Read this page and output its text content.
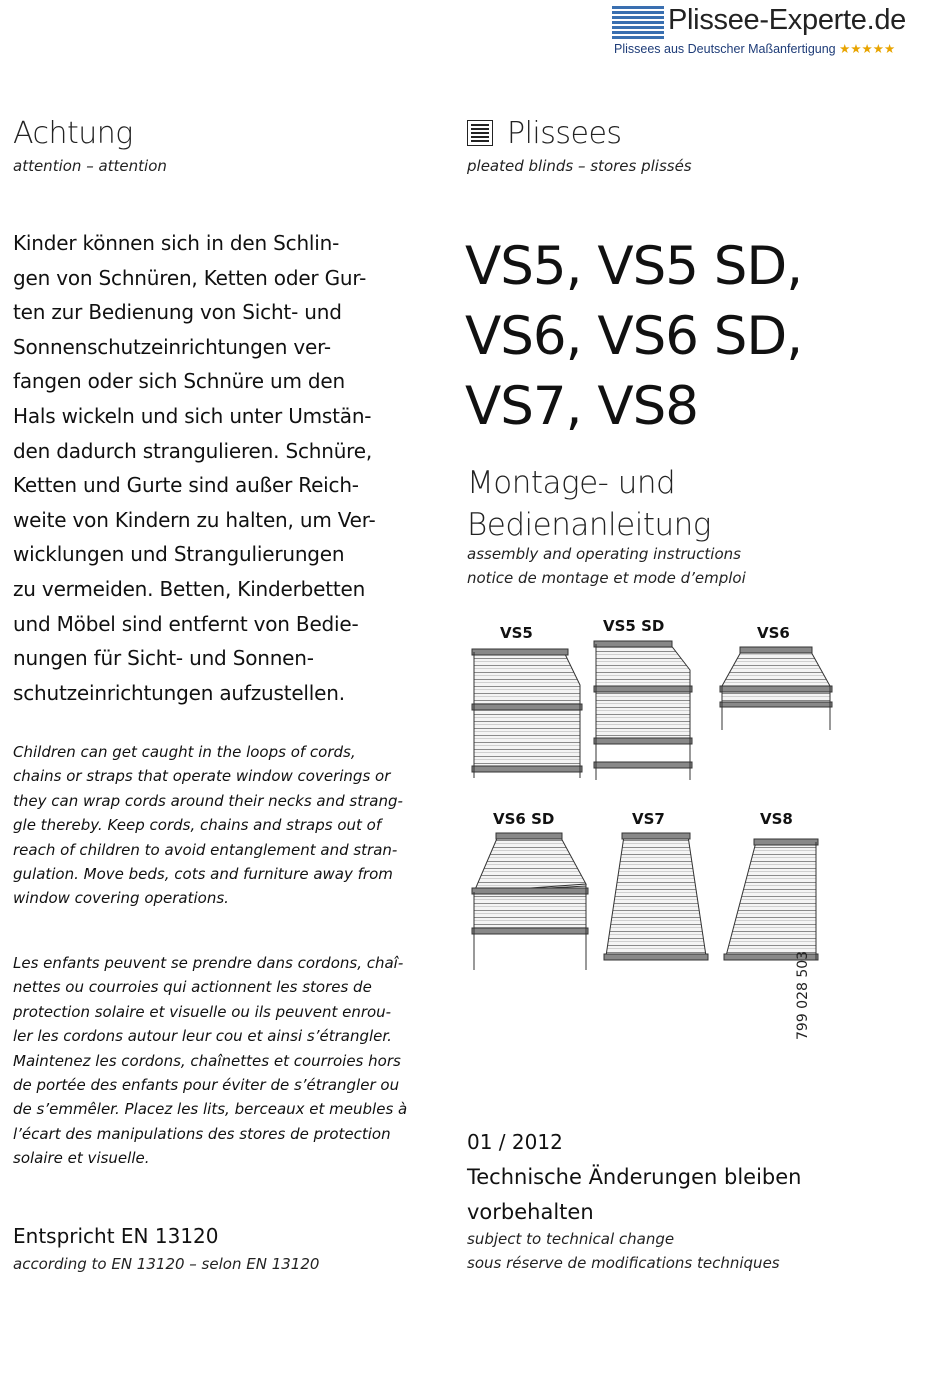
Plissee-Experte.de
Plissees aus Deutscher Maßanfertigung ★★★★★
Achtung
attention – attention
Kinder können sich in den Schlin-
gen von Schnüren, Ketten oder Gur-
ten zur Bedienung von Sicht- und
Sonnenschutzeinrichtungen ver-
fangen oder sich Schnüre um den
Hals wickeln und sich unter Umstän-
den dadurch strangulieren. Schnüre,
Ketten und Gurte sind außer Reich-
weite von Kindern zu halten, um Ver-
wicklungen und Strangulierungen
zu vermeiden. Betten, Kinderbetten
und Möbel sind entfernt von Bedie-
nungen für Sicht- und Sonnen-
schutzeinrichtungen aufzustellen.
Children can get caught in the loops of cords,
chains or straps that operate window coverings or
they can wrap cords around their necks and strang-
gle thereby. Keep cords, chains and straps out of
reach of children to avoid entanglement and stran-
gulation. Move beds, cots and furniture away from
window covering operations.
Les enfants peuvent se prendre dans cordons, chaî-
nettes ou courroies qui actionnent les stores de
protection solaire et visuelle ou ils peuvent enrou-
ler les cordons autour leur cou et ainsi s’étrangler.
Maintenez les cordons, chaînettes et courroies hors
de portée des enfants pour éviter de s’étrangler ou
de s’emmêler. Placez les lits, berceaux et meubles à
l’écart des manipulations des stores de protection
solaire et visuelle.
Entspricht EN 13120
according to EN 13120 – selon EN 13120
Plissees
pleated blinds – stores plissés
VS5, VS5 SD,
VS6, VS6 SD,
VS7, VS8
Montage- und
Bedienanleitung
assembly and operating instructions
notice de montage et mode d’emploi
VS5	VS5 SD	VS6
VS6 SD	VS7	VS8
799 028 503
01 / 2012
Technische Änderungen bleiben
vorbehalten
subject to technical change
sous réserve de modifications techniques
